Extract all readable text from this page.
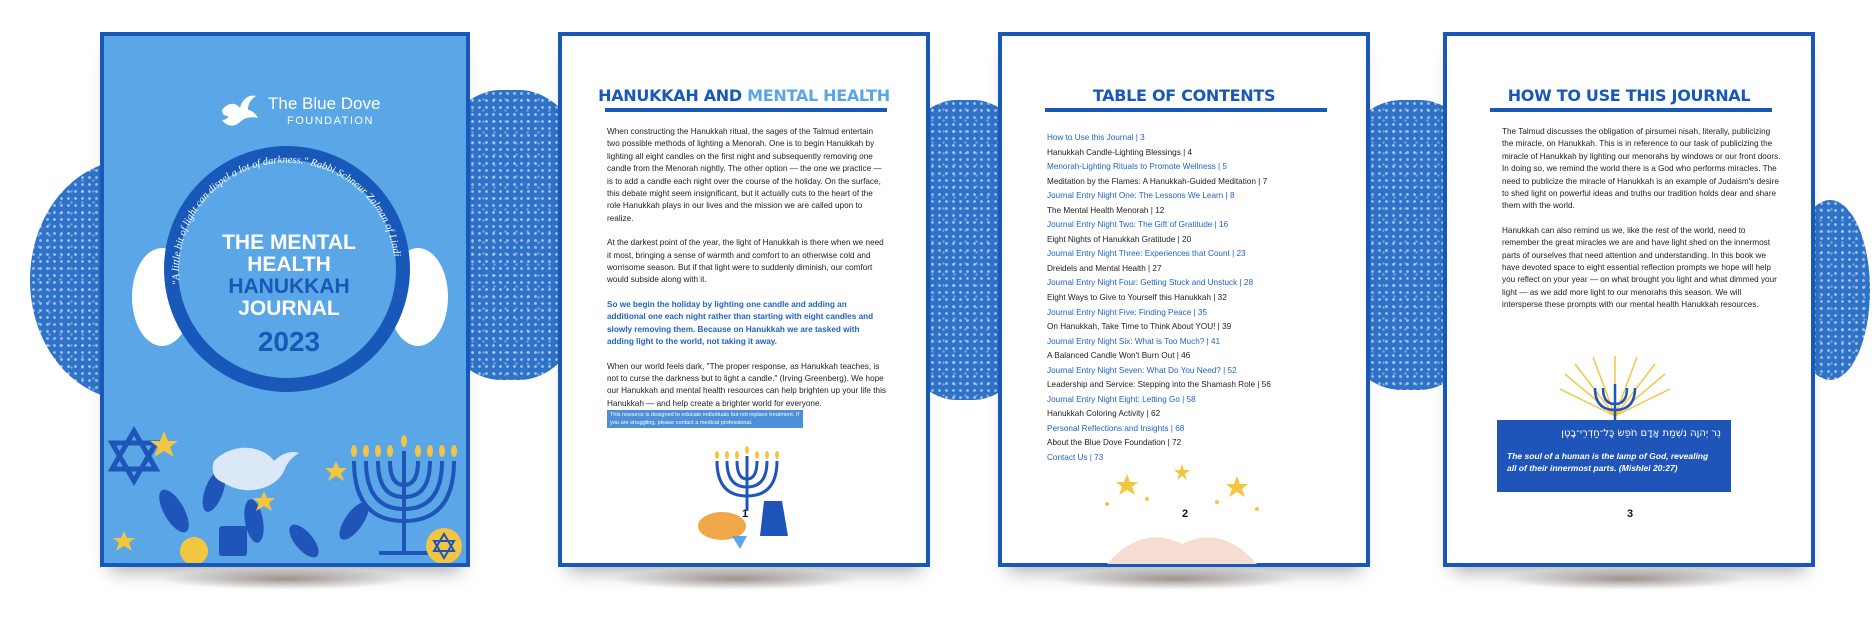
The Blue Dove
FOUNDATION
"A little bit of light can dispel a lot of darkness." Rabbi Schneur Zalman of Liadi
THE MENTAL
HEALTH
HANUKKAH
JOURNAL
2023
HANUKKAH AND MENTAL HEALTH

When constructing the Hanukkah ritual, the sages of the Talmud entertain two possible methods of lighting a Menorah. One is to begin Hanukkah by lighting all eight candles on the first night and subsequently removing one candle from the Menorah nightly. The other option — the one we practice — is to add a candle each night over the course of the holiday. On the surface, this debate might seem insignificant, but it actually cuts to the heart of the role Hanukkah plays in our lives and the mission we are called upon to realize.

At the darkest point of the year, the light of Hanukkah is there when we need it most, bringing a sense of warmth and comfort to an otherwise cold and worrisome season. But if that light were to suddenly diminish, our comfort would subside along with it.

So we begin the holiday by lighting one candle and adding an additional one each night rather than starting with eight candles and slowly removing them. Because on Hanukkah we are tasked with adding light to the world, not taking it away.

When our world feels dark, "The proper response, as Hanukkah teaches, is not to curse the darkness but to light a candle." (Irving Greenberg). We hope our Hanukkah and mental health resources can help brighten up your life this Hanukkah — and help create a brighter world for everyone.

This resource is designed to educate individuals but not replace treatment. If you are struggling, please contact a medical professional.
1
TABLE OF CONTENTS
How to Use this Journal | 3
Hanukkah Candle-Lighting Blessings | 4
Menorah-Lighting Rituals to Promote Wellness | 5
Meditation by the Flames: A Hanukkah-Guided Meditation | 7
Journal Entry Night One: The Lessons We Learn | 8
The Mental Health Menorah | 12
Journal Entry Night Two: The Gift of Gratitude | 16
Eight Nights of Hanukkah Gratitude | 20
Journal Entry Night Three: Experiences that Count | 23
Dreidels and Mental Health | 27
Journal Entry Night Four: Getting Stuck and Unstuck | 28
Eight Ways to Give to Yourself this Hanukkah | 32
Journal Entry Night Five: Finding Peace | 35
On Hanukkah, Take Time to Think About YOU! | 39
Journal Entry Night Six: What is Too Much? | 41
A Balanced Candle Won't Burn Out | 46
Journal Entry Night Seven: What Do You Need? | 52
Leadership and Service: Stepping into the Shamash Role | 56
Journal Entry Night Eight: Letting Go | 58
Hanukkah Coloring Activity | 62
Personal Reflections and Insights | 68
About the Blue Dove Foundation | 72
Contact Us | 73
2
HOW TO USE THIS JOURNAL

The Talmud discusses the obligation of pirsumei nisah, literally, publicizing the miracle, on Hanukkah. This is in reference to our task of publicizing the miracle of Hanukkah by lighting our menorahs by windows or our front doors. In doing so, we remind the world there is a God who performs miracles. The need to publicize the miracle of Hanukkah is an example of Judaism's desire to shed light on powerful ideas and truths our tradition holds dear and share them with the world.

Hanukkah can also remind us we, like the rest of the world, need to remember the great miracles we are and have light shed on the innermost parts of ourselves that need attention and understanding. In this book we have devoted space to eight essential reflection prompts we hope will help you reflect on your year — on what brought you light and what dimmed your light — as we add more light to our menorahs this season. We will intersperse these prompts with our mental health Hanukkah resources.

נֵר יְהוָה נִשְׁמַת אָדָם חֹפֵשׂ כָּל־חַדְרֵי־בָטֶן
The soul of a human is the lamp of God, revealing
all of their innermost parts. (Mishlei 20:27)
3
